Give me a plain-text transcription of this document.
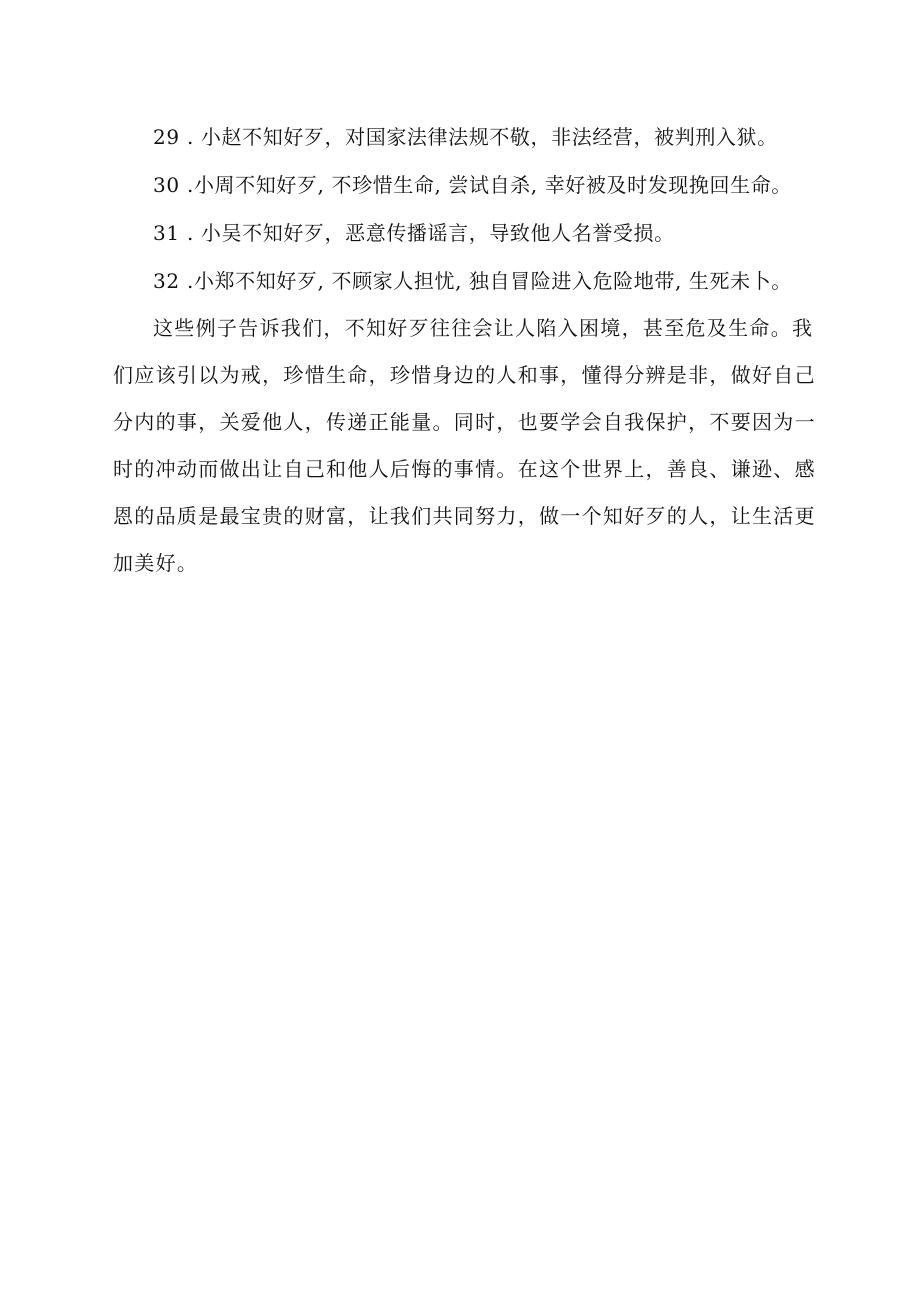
29 . 小赵不知好歹，对国家法律法规不敬，非法经营，被判刑入狱。

30 .小周不知好歹, 不珍惜生命, 尝试自杀, 幸好被及时发现挽回生命。

31 . 小吴不知好歹，恶意传播谣言，导致他人名誉受损。

32 .小郑不知好歹, 不顾家人担忧, 独自冒险进入危险地带, 生死未卜。

这些例子告诉我们，不知好歹往往会让人陷入困境，甚至危及生命。我们应该引以为戒，珍惜生命，珍惜身边的人和事，懂得分辨是非，做好自己分内的事，关爱他人，传递正能量。同时，也要学会自我保护，不要因为一时的冲动而做出让自己和他人后悔的事情。在这个世界上，善良、谦逊、感恩的品质是最宝贵的财富，让我们共同努力，做一个知好歹的人，让生活更加美好。
